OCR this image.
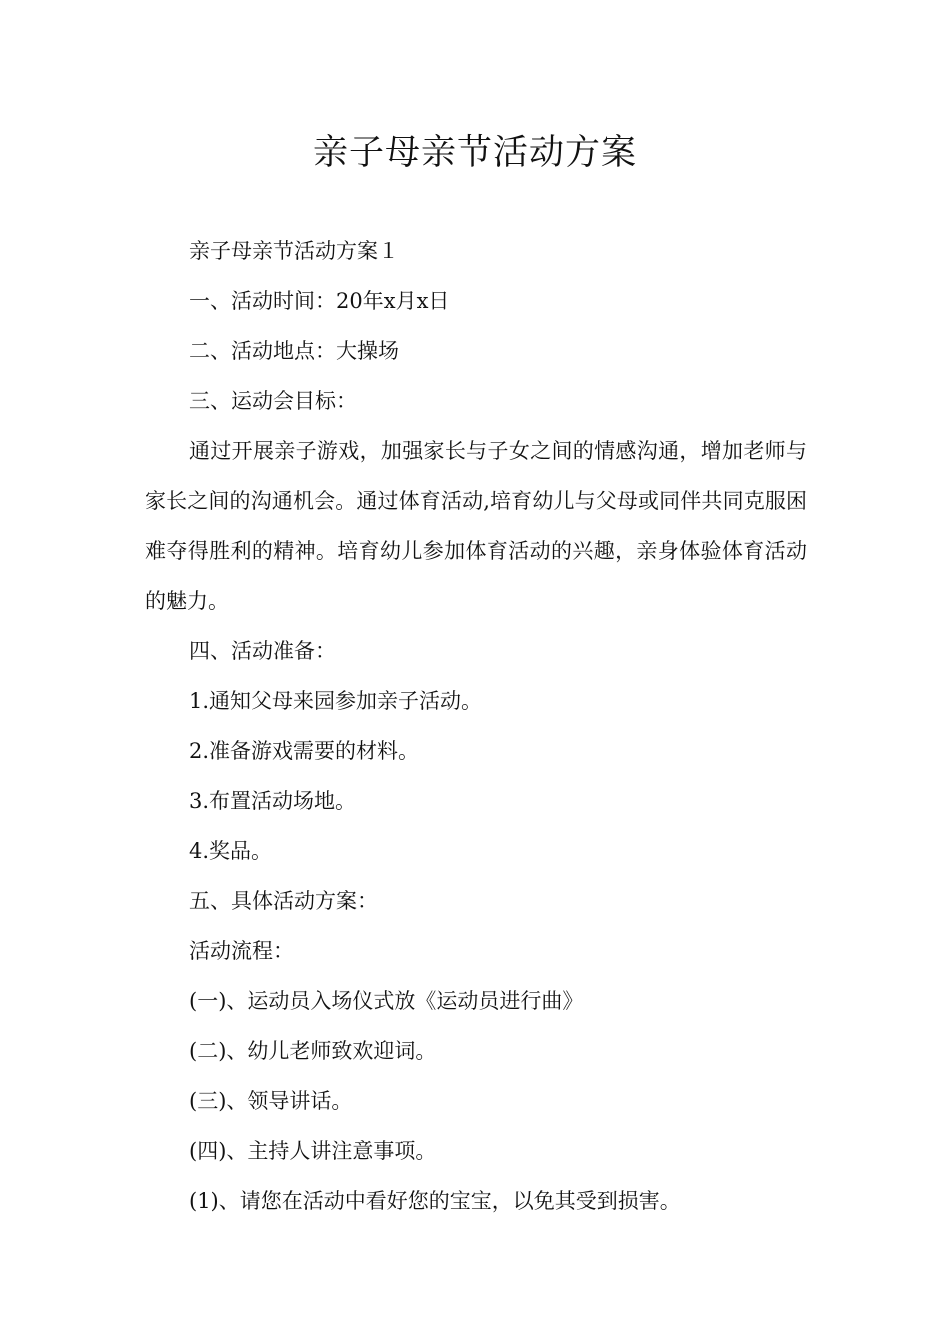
亲子母亲节活动方案
亲子母亲节活动方案１
一、活动时间：20年x月x日
二、活动地点：大操场
三、运动会目标：
通过开展亲子游戏，加强家长与子女之间的情感沟通，增加老师与家长之间的沟通机会。通过体育活动,培育幼儿与父母或同伴共同克服困难夺得胜利的精神。培育幼儿参加体育活动的兴趣，亲身体验体育活动的魅力。
四、活动准备：
1.通知父母来园参加亲子活动。
2.准备游戏需要的材料。
3.布置活动场地。
4.奖品。
五、具体活动方案：
活动流程：
(一)、运动员入场仪式放《运动员进行曲》
(二)、幼儿老师致欢迎词。
(三)、领导讲话。
(四)、主持人讲注意事项。
(1)、请您在活动中看好您的宝宝，以免其受到损害。
